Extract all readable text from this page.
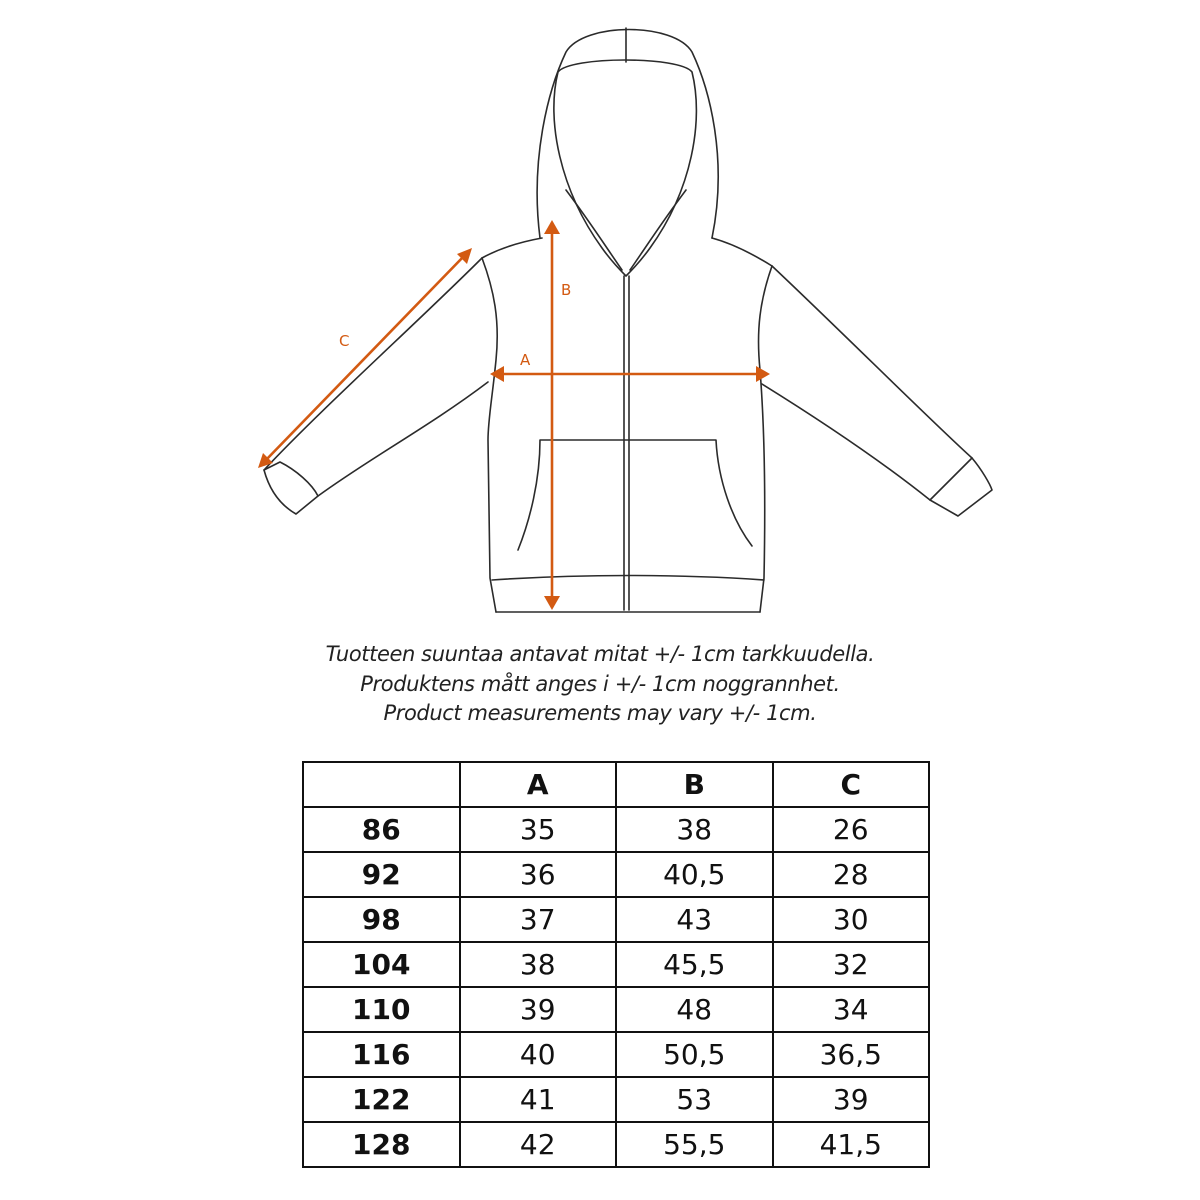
A
B
C
Tuotteen suuntaa antavat mitat +/- 1cm tarkkuudella.
Produktens mått anges i +/- 1cm noggrannhet.
Product measurements may vary +/- 1cm.
	A	B	C
86	35	38	26
92	36	40,5	28
98	37	43	30
104	38	45,5	32
110	39	48	34
116	40	50,5	36,5
122	41	53	39
128	42	55,5	41,5
